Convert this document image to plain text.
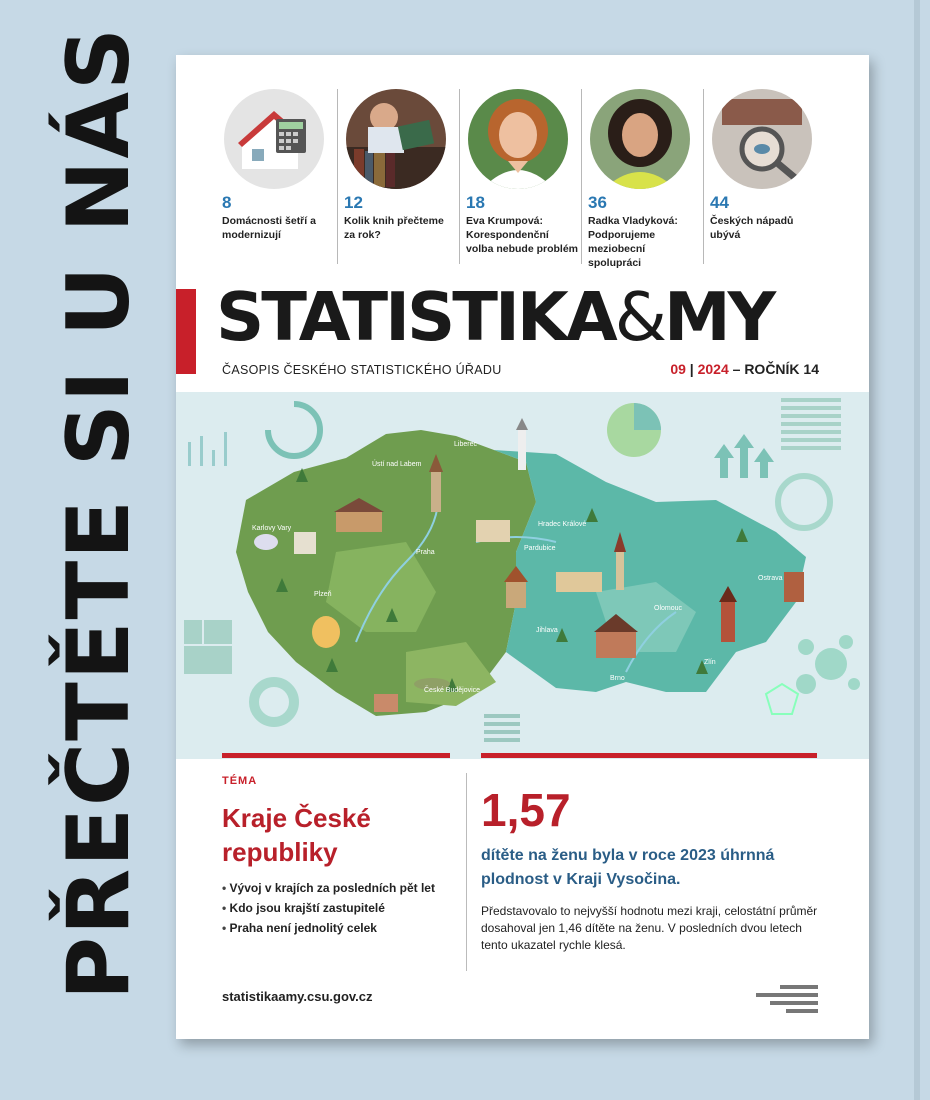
PŘEČTĚTE SI U NÁS	8
Domácnosti šetří a modernizují
12
Kolik knih přečteme za rok?
18
Eva Krumpová: Korespondenční volba nebude problém
36
Radka Vladyková: Podporujeme meziobecní spolupráci
44
Českých nápadů ubývá
STATISTIKA&MY
ČASOPIS ČESKÉHO STATISTICKÉHO ÚŘADU	09 | 2024 – ROČNÍK 14
Liberec
Ústí nad Labem
Karlovy Vary
Praha
Hradec Králové
Pardubice
Plzeň
Jihlava
Olomouc
Ostrava
Zlín
Brno
České Budějovice
TÉMA
Kraje České republiky
• Vývoj v krajích za posledních pět let
• Kdo jsou krajští zastupitelé
• Praha není jednolitý celek
1,57
dítěte na ženu byla v roce 2023 úhrnná plodnost v Kraji Vysočina.
Představovalo to nejvyšší hodnotu mezi kraji, celostátní průměr dosahoval jen 1,46 dítěte na ženu. V posledních dvou letech tento ukazatel rychle klesá.
statistikaamy.csu.gov.cz
